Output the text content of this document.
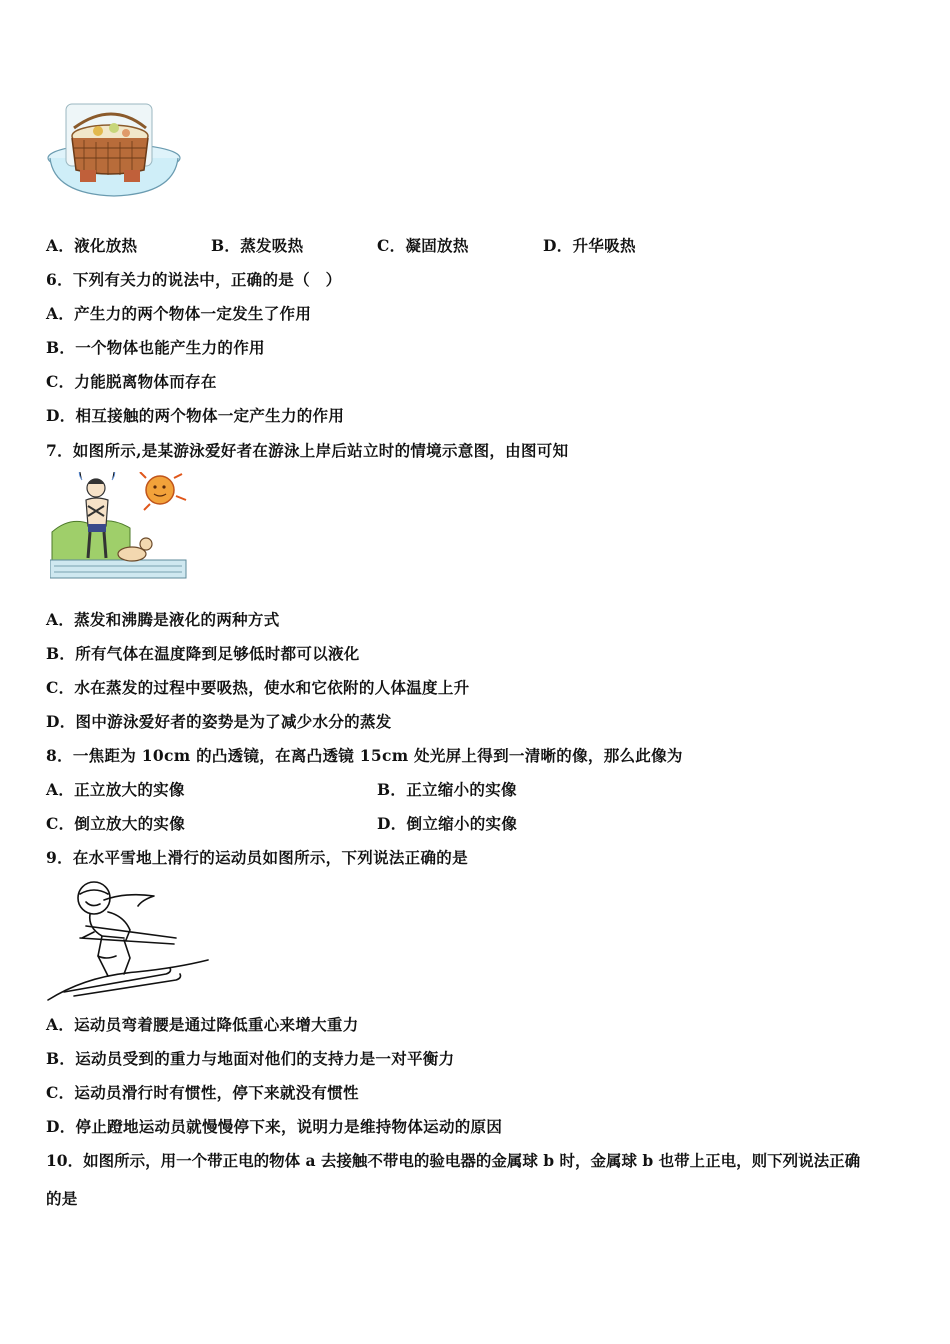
A．液化放热	B．蒸发吸热	C．凝固放热	D．升华吸热
6．下列有关力的说法中，正确的是（　）
A．产生力的两个物体一定发生了作用
B．一个物体也能产生力的作用
C．力能脱离物体而存在
D．相互接触的两个物体一定产生力的作用
7．如图所示,是某游泳爱好者在游泳上岸后站立时的情境示意图，由图可知
A．蒸发和沸腾是液化的两种方式
B．所有气体在温度降到足够低时都可以液化
C．水在蒸发的过程中要吸热，使水和它依附的人体温度上升
D．图中游泳爱好者的姿势是为了减少水分的蒸发
8．一焦距为 10cm 的凸透镜，在离凸透镜 15cm 处光屏上得到一清晰的像，那么此像为
A．正立放大的实像	B．正立缩小的实像
C．倒立放大的实像	D．倒立缩小的实像
9．在水平雪地上滑行的运动员如图所示，下列说法正确的是
A．运动员弯着腰是通过降低重心来增大重力
B．运动员受到的重力与地面对他们的支持力是一对平衡力
C．运动员滑行时有惯性，停下来就没有惯性
D．停止蹬地运动员就慢慢停下来，说明力是维持物体运动的原因
10．如图所示，用一个带正电的物体 a 去接触不带电的验电器的金属球 b 时，金属球 b 也带上正电，则下列说法正确
的是
